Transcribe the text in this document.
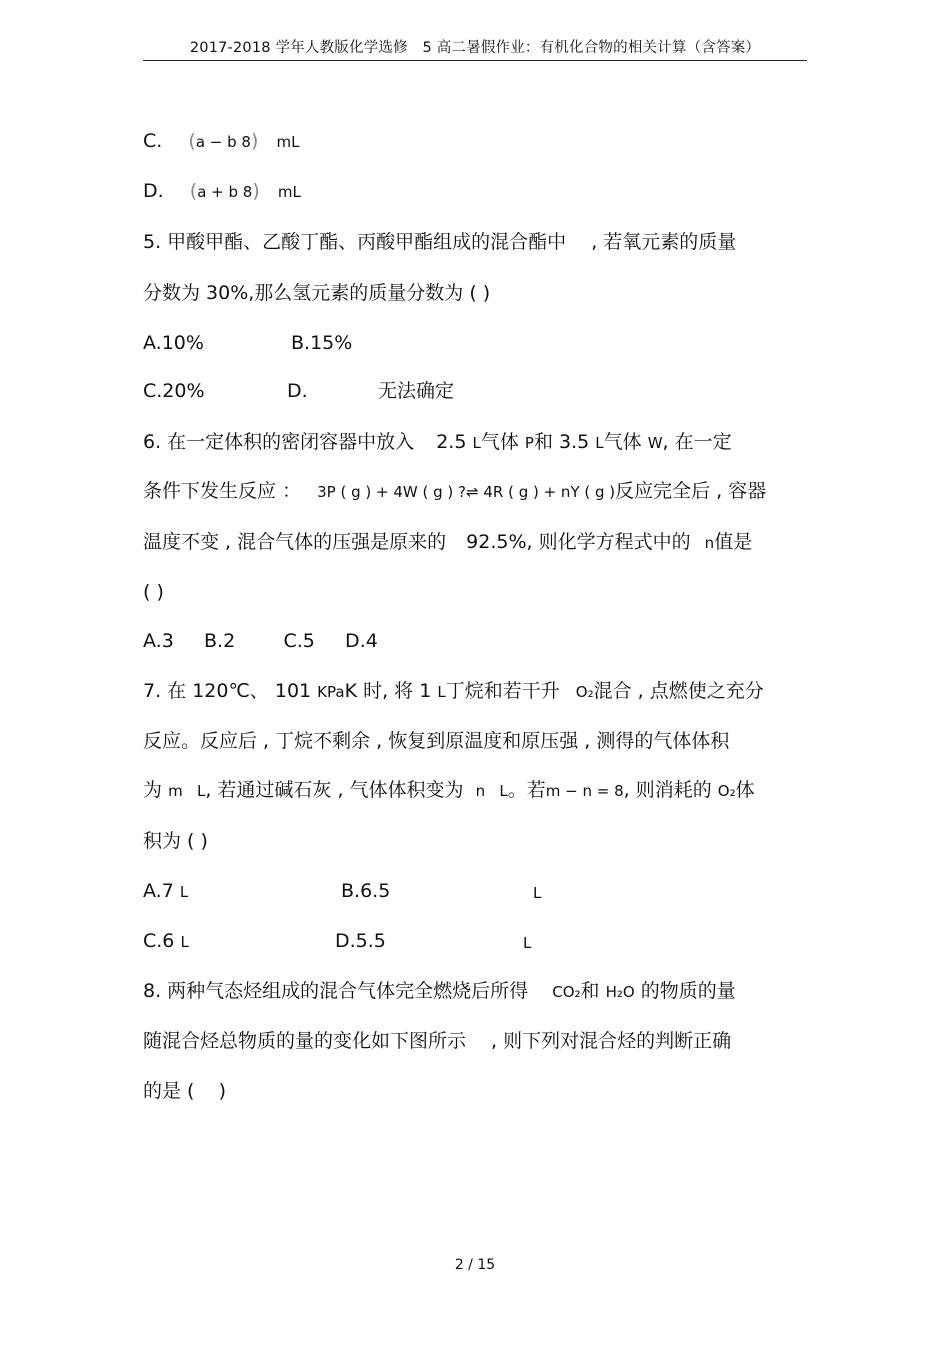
2017-2018 学年人教版化学选修　5 高二暑假作业：有机化合物的相关计算（含答案）
C. (a − b 8) mL
D. (a + b 8) mL
5. 甲酸甲酯、乙酸丁酯、丙酸甲酯组成的混合酯中　 , 若氧元素的质量
分数为 30%,那么氢元素的质量分数为 ( )
A.10%	B.15%
C.20%	D.	无法确定
6. 在一定体积的密闭容器中放入 2.5 L气体 P和 3.5 L气体 W, 在一定
条件下发生反应 ： 3P ( g ) + 4W ( g ) ?⇌ 4R ( g ) + nY ( g )反应完全后 , 容器
温度不变 , 混合气体的压强是原来的 92.5%, 则化学方程式中的 n值是
( )
A.3     B.2        C.5     D.4
7. 在 120℃、 101 KPaK 时, 将 1 L丁烷和若干升 O₂混合 , 点燃使之充分
反应。反应后 , 丁烷不剩余 , 恢复到原温度和原压强 , 测得的气体体积
为 m   L, 若通过碱石灰 , 气体体积变为 n   L。若m − n = 8, 则消耗的 O₂体
积为 ( )
A.7 L	B.6.5	L
C.6 L	D.5.5	L
8. 两种气态烃组成的混合气体完全燃烧后所得 CO₂和 H₂O 的物质的量
随混合烃总物质的量的变化如下图所示　 , 则下列对混合烃的判断正确
的是 (    )
2 / 15
